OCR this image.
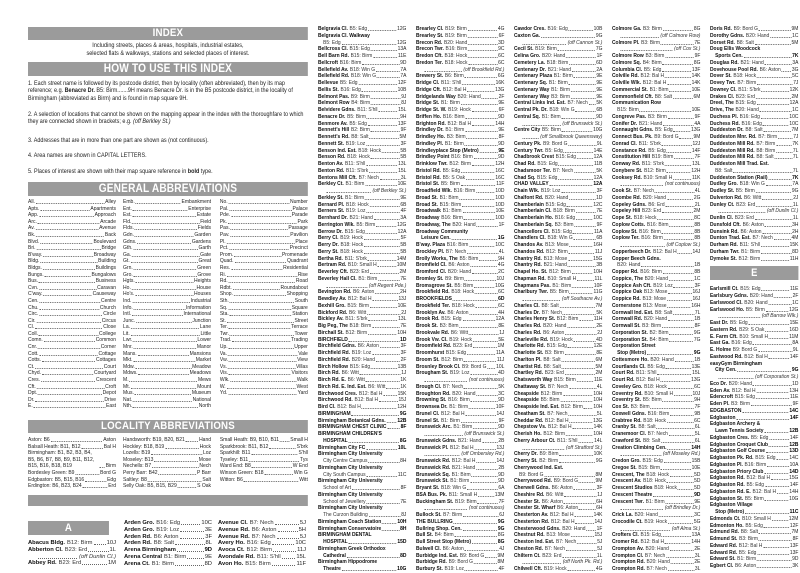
INDEX
Including streets, places & areas, hospitals, industrial estates,
selected flats & walkways, stations and selected places of interest.
HOW TO USE THIS INDEX
1. Each street name is followed by its postcode district, then by locality (often abbreviated), then by its map reference; e.g. Benacre Dr. B5: Birm.......9H means Benacre Dr. is in the B5 postcode district, in the locality of Birmingham (abbreviated as Birm) and is found in map square 9H.
2. A selection of locations that cannot be shown on the mapping appear in the index with the thoroughfare to which they are connected shown in brackets; e.g. (off Berkley St.)
3. Addresses that are in more than one part are shown as (not continuous).
4. Area names are shown in CAPITAL LETTERS.
5. Places of interest are shown with their map square reference in bold type.
GENERAL ABBREVIATIONS
All.	Alley
Apts.	Apartments
App.	Approach
Arc.	Arcade
Av.	Avenue
Bk.	Back
Blvd.	Boulevard
Bri.	Bridge
B'way.	Broadway
Bldg.	Building
Bldgs.	Buildings
Bungs.	Bungalows
Bus.	Business
Cvn.	Caravan
C'way.	Causeway
Cen.	Centre
Chu.	Church
Circ.	Circle
Cir.	Circus
Cl.	Close
Coll.	College
Comn.	Common
Cnr.	Corner
Cott.	Cottage
Cotts.	Cottages
Ct.	Court
Chyd.	Courtyard
Cres.	Crescent
Cft.	Croft
Dpt.	Depot
Dr.	Drive
E.	East
Emb.	Embankment
Ent.	Enterprise
Est.	Estate
Fld.	Field
Flds.	Fields
Gdn.	Garden
Gdns.	Gardens
Gth.	Garth
Ga.	Gate
Gt.	Great
Grn.	Green
Gro.	Grove
Hgts.	Heights
Ho.	House
Ho's.	Houses
Ind.	Industrial
Info.	Information
Intl.	International
Junc.	Junction
La.	Lane
Lit.	Little
Lwr.	Lower
Mnr.	Manor
Mans.	Mansions
Mkt.	Market
Mdw.	Meadow
Mdws.	Meadows
M.	Mews
Mt.	Mount
Mus.	Museum
Nat.	National
Nth.	North
No.	Number
Pal.	Palace
Pde.	Parade
Pk.	Park
Pas.	Passage
Pav.	Pavilion
Pl.	Place
Pct.	Precinct
Prom.	Promenade
Quad.	Quadrant
Res.	Residential
Ri.	Rise
Rd.	Road
Rdbt.	Roundabout
Shop.	Shopping
Sth.	South
Sq.	Square
Sta.	Station
St.	Street
Ter.	Terrace
Twr.	Tower
Trad.	Trading
Up.	Upper
Va.	Vale
Vw.	View
Vs.	Villas
Vis.	Visitors
Wlk.	Walk
W.	West
Yd.	Yard
LOCALITY ABBREVIATIONS
Aston: B6	Aston
Balsall Heath: B11, B12	Bal H
Birmingham: B1, B2, B3, B4, B5, B6, B7, B8, B9, B11, B12, B15, B16, B18, B19	Birm
Bordesley Green: B9	Bord G
Edgbaston: B5, B15, B16	Edg
Erdington: B6, B23, B24	Erd
Handsworth: B19, B20, B21 Hand
Hockley: B18, B19	Hock
Lozells: B19	Loz
Moseley: B13	Mose
Nechells: B7	Nech
Perry Barr: B42	P Barr
Saltley: B8	Salt
Selly Oak: B5, B15, B29	S Oak
Small Heath: B9, B10, B11 Small H
Sparkbrook: B11, B12	S'brk
Sparkhill: B11	S'hll
Tyseley: B11	Tys
Ward End: B8	W End
Winson Green: B18	Win G
Witton: B6	Witt
A
Abacus Bldg. B12: Birm 10J
Abberton Cl. B23: Erd	1L
(off Dunlin Cl.)
Abbey Rd. B23: Erd	1M
Arden Gro. B16: Edg	10C
Arden Gro. B19: Loz	3E
Arden Rd. B6: Aston	3F
Arden Rd. B8: Salt	8L
Arena Birmingham	9D
Arena Central B1: Birm	9E
Arena Ct. B1: Birm	8D
Avenue Cl. B7: Nech	5J
Avenue Rd. B6: Aston	5H
Avenue Rd. B7: Nech	5J
Avery Ho. B16: Edg	10C
Avoca Ct. B12: Birm	11J
Avondale Rd. B11: S'hll	15L
Avon Ho. B15: Birm	11F
Belgravia Cl. B5: Edg	12G
Belgravia Cl. Walkway
B5: Edg	12G
Bellcross Cl. B15: Edg	13A
Bell Barn Rd. B15: Birm	11E
Bellcroft B16: Birm	9D
Bellefield Av. B18: Win G	7A
Bellefield Rd. B18: Win G	7A
Bellevue B5: Edg	12F
Bellis St. B16: Edg	10B
Belmont Pas. B9: Birm	9J
Belmont Row B4: Birm	8J
Belvidere Gdns. B11: S'hll	15L
Benacre Dr. B5: Birm	9H
Benmore Av. B5: Edg	13F
Bennett's Hill B2: Birm	9F
Bennett's Rd. B8: Salt	5M
Bennett St. B19: Loz	3F
Benson Ind. Est. B18: Hock	5B
Benson Rd. B18: Hock	5B
Benton Av. B11: S'hll	13L
Benton Rd. B11: S'brk	15L
Bentons Mill Cft. B7: Nech	3L
Berkley Ct. B1: Birm	10E
(off Berkley St.)
Berkley St. B1: Birm	9E
Bernard Pl. B18: Hock	6B
Berners St. B19: Loz	4F
Bernhard Dr. B21: Hand	3A
Berrington Wlk. B5: Birm	12G
Berrow Dr. B15: Edg	12A
Berry Cl. B19: Hock	5F
Berry Dr. B18: Hock	5B
Berry St. B18: Hock	5B
Bertha Rd. B11: S'brk	14M
Bertram Rd. B10: Small H	10M
Beverley Cft. B23: Erd	2M
Beverley Hall Cl. B1: Birm	7E
(off Regent Pde.)
Bevington Rd. B6: Aston	2H
Bewdley Av. B12: Bal H	13J
Bexhill Gro. B15: Birm	10E
Bickford Rd. B6: Witt	2J
Bickley Av. B11: S'brk	13L
Big Peg, The B18: Birm	7E
Birchall St. B12: Birm	10H
BIRCHFIELD	1D
Birchfield Gdns. B6: Aston	3F
Birchfield Rd. B19: Loz	3F
Birchfield Rd. B20: Hand	2F
Birch Hollow B15: Edg	13B
Birch Rd. B6: Witt	1J
Birch Rd. E. B6: Witt	1K
Birch Rd. E. Ind. Est. B6: Witt	1K
Birchwood Cres. B12: Bal H	15K
Birchwood Rd. B12: Bal H	15J
Bird Cl. B12: Bal H	12H
BIRMINGHAM	9G
Birmingham Botanical Gdns. 12B
BIRMINGHAM CHEST CLINIC 8F
BIRMINGHAM CHILDREN'S
HOSPITAL	8G
Birmingham City FC	10L
Birmingham City University
City Centre Campus	8H
Birmingham City University
City South Campus	11C
Birmingham City University
School of Art	8F
Birmingham City University
School of Jewellery	7E
Birmingham City University
The Curzon Building	8J
Birmingham Coach Station	10H
Birmingham Conservatoire	8H
BIRMINGHAM DENTAL
HOSPITAL	15D
Birmingham Greek Orthodox
Cathedral	8D
Birmingham Hippodrome
Theatre	10G
Brearley Cl. B19: Birm	4G
Brearley St. B19: Birm	6F
Brecon Rd. B20: Hand	3D
Brecon Twr. B16: Birm	9C
Bredon Cft. B18: Hock	6C
Bredon Ter. B18: Hock	6C
(off Brookfield Rd.)
Brewery St. B6: Birm	6G
Bridge Cl. B11: S'hll	16K
Bridge Cft. B12: Bal H	13G
Bridgelands Way B20: Hand	2F
Bridge St. B1: Birm	9E
Bridge St. W. B19: Hock	6F
Briffen Ho. B16: Birm	9D
Brighton Rd. B12: Bal H	14H
Brindley Dr. B1: Birm	9E
Brindley Ho. B3: Birm	8F
Brindley Pl. B1: Birm	9D
Brindleyplace Stop (Metro)	9E
Brindley Point B16: Birm	9D
Brinklow Twr. B12: Birm	12H
Bristol Rd. B5: Edg	16C
Bristol Rd. B5: S Oak	16C
Bristol St. B5: Birm	11F
Broadfield Wlk. B16: Birm	10D
Broad St. B1: Birm	10D
Broad St. B15: Birm	10D
Broadwalk B1: Birm	10E
Broadway B16: Birm	10D
Broadway, The B20: Hand	1F
Broadway Community
Leisure Cen.	1G
B'way. Plaza B16: Birm	10C
Brockley Pl. B7: Nech	4L
Brolly Works, The B5: Birm	9H
Bromfield Cl. B6: Aston	4G
Bromford Cl. B20: Hand	2C
Bromley St. B9: Birm	10J
Bromsgrove St. B5: Birm	10G
Brookfield Rd. B18: Hock	6C
BROOKFIELDS	6D
Brookfield Ter. B18: Hock	6C
Brooklyn Av. B6: Aston	4H
Brook Rd. B15: Edg	12A
Brook St. B3: Birm	8E
Brookvale Rd. B6: Witt	1J
Brook Vw. Cl. B19: Hock	5E
Broomfield Rd. B23: Erd	1M
Broomhurst B15: Edg	11A
Broom St. B12: Birm	11J
Brosnley Brook Cl. B9: Bord G 10L
Brougham St. B19: Loz	4D
(not continuous)
Brough Cl. B7: Nech	5K
Broughton Rd. B20: Hand	3C
Browning St. B16: Birm	9D
Brownsea Dr. B1: Birm	10F
Brunel Cl. B12: Bal H	14J
Brunel St. B1: Birm	9F
Brunswick Arc. B1: Birm	9D
(off Brunswick St.)
Brunswick Gdns. B21: Hand	2B
Brunswick Pl. B12: Bal H	13J
(off Ombersley Rd.)
Brunswick Rd. B12: Bal H	14J
Brunswick Rd. B21: Hand	2B
Brunswick Sq. B1: Birm	9D
Brunswick St. B1: Birm	9D
Bryant St. B18: Win G	6A
BSA Bus. Pk. B11: Small H	13M
Buckingham St. B19: Birm	7F
(not continuous)
Bullock St. B7: Birm	6J
THE BULLRING	9G
Bullring Shop. Cen.	9G
Bull St. B4: Birm	8G
Bull Street Stop (Metro)	8G
Bulwell Cl. B6: Aston	4J
Burbidge Ind. Est. B9: Bord G 9M
Burbidge Rd. B9: Bord G	8M
Burbury St. B19: Loz	4F
Cawdor Cres. B16: Edg	10B
Caxton Ga.	9G
(off Cannon St.)
Cecil St. B19: Birm	7G
Celina Gro. B20: Hand	1F
Cemetery La. B18: Birm	6D
Centenary Dr. B21: Hand	2A
Centenary Plaza B1: Birm	9E
Centenary Sq. B1: Birm	9E
Centenary Way B1: Birm	9E
Centenary Way B3: Birm	9E
Central Links Ind. Est. B7: Nech 5K
Central Pk. Dr. B18: Win G	6B
Central Sq. B1: Birm	9D
(off Brunswick St.)
Centre City B5: Birm	10G
(off Smallbrook Queensway)
Century Pk. B9: Bord G	9L
Century Twr. B5: Edg	14E
Chadbrook Crest B15: Edg	12A
Chad Rd. B15: Edg	11B
Chadsmoor Ter. B7: Nech	5K
Chad Sq. B15: Edg	12A
CHAD VALLEY	12A
Chain Wlk. B19: Loz	3F
Chalfont Rd. B20: Hand	1D
Chamberlain B15: Edg	12C
Chamberlain Cl. B18: Birm	7E
Chamberlain Ho. B16: Edg	10C
Chamberlain Sq. B3: Birm	9F
Chancellors Cl. B15: Edg	11A
Chandlers Cl. B18: Win G	6B
Chandos Av. B13: Mose	16H
Chandos Rd. B12: Birm	11J
Chantry Rd. B13: Mose	15G
Chantry Rd. B21: Hand	3B
Chapel Ho. St. B12: Birm	10H
Chapman Rd. B10: Small H	11L
Chapmans Pas. B1: Birm	10F
Charlbury Twr. B5: Birm	11G
(off Southacre Av.)
Charles Cl. B8: Salt	7M
Charles Dr. B7: Nech	5K
Charles Henry St. B12: Birm	11H
Charles Rd. B20: Hand	2E
Charles Rd. B6: Aston	2J
Charleville Rd. B19: Hock	4D
Charlotte Rd. B15: Edg	12E
Charlotte St. B3: Birm	8E
Charlton Pl. B8: Salt	6M
Chartist Rd. B8: Salt	5M
Chartley Rd. B23: Erd	2M
Chatsworth Way B15: Birm	11E
Chattaway St. B7: Nech	4L
Cheapside B12: Birm	10H
Cheapside B5: Birm	10H
Cheapside Ind. Est. B12: Birm 10H
Cheatham St. B7: Nech	5L
Cheddar Rd. B12: Bal H	13G
Chepstow Vs. B12: Bal H	14K
Cherish Ho. B12: Birm	10H
Cherry Arbour Ct. B11: S'hll	14L
(off Stratford St.)
Cherry Dr. B9: Birm	10K
Cherry St. B2: Birm	9G
Cherrywood Ind. Est.
B9: Bord G	8M
Cherrywood Rd. B9: Bord G	9M
Cherwell Gdns. B6: Aston	3F
Cheshire Rd. B6: Witt	1J
Chester St. B6: Aston	6H
Chester St. Wharf B6: Aston	6H
Chesterton Av. B12: Bal H	14K
Chesterton Rd. B12: Bal H	14J
Chesterwood Gdns. B20: Hand 1F
Chestnut Rd. B13: Mose	15J
Cheston Ind. Est. B7: Nech	5J
Cheston Rd. B7: Nech	5J
Chiltern Ct. B23: Erd	1L
(off North Pk. Rd.)
Chilwell Cft. B19: Hock	4G
Colmore Ga. B3: Birm	8G
(off Colmore Row)
Colmore Pl. B3: Birm	7E
(off Cox St.)
Colmore Row B3: Birm	9F
Colmore Sq. B4: Birm	8G
Columbia Cl. B5: Edg	13F
Colville Rd. B12: Bal H	14K
Colville Wlk. B12: Bal H	14K
Commercial St. B1: Birm	10E
Commonfield Cft. B8: Salt	6M
Communication Row
B15: Birm	10E
Congreve Pas. B3: Birm	9F
Conifer Dr. B21: Hand	4A
Connaught Gdns. B5: Edg	13G
Connect Bus. Pk. B9: Bord G	9M
Conrad Cl. B11: S'brk	12J
Constance Rd. B5: Edg	14F
Constitution Hill B19: Birm	7F
Conway Rd. B11: S'brk	13L
Conybere St. B12: Birm	12H
Cooksey Rd. B10: Small H	11K
(not continuous)
Cook St. B7: Nech	4L
Coombe Rd. B20: Hand	2G
Copeley Gdns. B6: Erd	2L
Copeley Hill B23: Erd	2M
Cope St. B18: Hock	8C
Coplow Cotts. B16: Birm	8B
Coplow St. B16: Birm	8B
Coplow Ter. B16: Birm	8B
(off Coplow St.)
Copperbeech Dr. B12: Bal H	14J
Copper Beech Gdns.
B20: Hand	1B
Copper Rd. B16: Birm	8B
Coppice, The B20: Hand	1C
Coppice Ash Cft. B19: Loz	3F
Coppice Oak B13: Mose	16J
Coppice Rd. B13: Mose	16J
Cornerstone B13: Mose	16H
Cornwall Ind. Est. B8: Salt	7L
Cornwall Rd. B20: Hand	1B
Cornwall St. B3: Birm	8F
Corporation St. B2: Birm	9G
Corporation St. B4: Birm	7G
Corporation Street
Stop (Metro)	9G
Cottesmore Ho. B20: Hand	1B
Courtlands Cl. B5: Edg	13E
Court Rd. B11: S'hll	15L
Court Rd. B12: Bal H	13G
Coveley Gro. B18: Hock	6C
Coventry Rd. B10: Small H	10J
Coventry St. B5: Birm	9H
Cox St. B3: Birm	7F
Coxwell Gdns. B16: Birm	9B
Crabtree Rd. B18: Hock	6C
Cranby St. B8: Salt	6L
Cranemoor Cl. B7: Nech	5L
Crawford St. B8: Salt	6L
Creation Climbing Cen.	14H
(off Moseley Rd.)
Credon Gro. B15: Edg	15B
Cregoe St. B15: Birm	10E
Crescent, The B18: Hock	5D
Crescent Av. B18: Hock	5D
Crescent Studios B18: Hock	5D
Crescent Theatre	9D
Crescent Twr. B1: Birm	9E
(off Brindley Dr.)
Crick La. B20: Hand	3C
Crocodile Ct. B19: Hock	5G
(off Alma St.)
Crofters Cl. B15: Edg	13A
Cromer Rd. B12: Bal H	14H
Crompton Av. B20: Hand	2E
Crompton Cl. B7: Nech	3L
Crompton Rd. B20: Hand	2E
Crompton Rd. B7: Nech	3L
Doris Rd. B9: Bord G	9M
Dorothy Gdns. B20: Hand	1C
Dorset Rd. B8: Salt	5M
Doug Ellis Woodcock
Sports Cen.	7K
Douglas Rd. B21: Hand	3A
Dovehouse Pool Rd. B6: Aston 3G
Dover St. B18: Hock	5C
Dovey Twr. B7: Birm	7J
Downey Cl. B11: S'brk	12K
Drakes Cl. B23: Erd	2M
Dreel, The B15: Edg	12A
Drive, The B20: Hand	1C
Duchess Pl. B16: Edg	10C
Duchess Rd. B16: Edg	10C
Duddeston Dr. B8: Salt	7M
Duddeston Mnr. Rd. B7: Birm	7J
Duddeston Mill Rd. B7: Birm	7K
Duddeston Mill Rd. B8: Birm	7L
Duddeston Mill Rd. B8: Salt	7L
Duddeston Mill Trad. Est.
B8: Salt	7L
Duddeston Station (Rail)	7K
Dudley Gro. B18: Win G	7A
Dudley St. B5: Birm	9G
Dulverton Rd. B6: Witt	2J
Dunley Ct. B23: Erd	1L
(off Dunlin Cl.)
Dunlin Cl. B23: Erd	1L
Dunsfold Cft. B6: Aston	3H
Dunsink Rd. B6: Aston	2H
Dunton Trad. Est. B7: Nech	4M
Durham Rd. B11: S'hll	15K
Durham Twr. B1: Birm	8D
Dymoke St. B12: Birm	11H
E
Earlsmill Ct. B15: Edg	11E
Earlsbury Gdns. B20: Hand	2F
Earlswood Cl. B20: Hand	1C
Earlswood Ho. B5: Birm	12G
(off Barrow Wlk.)
East Dr. B5: Edg	15E
Eastern Rd. B29: S Oak	16D
E. Farm Cft. B10: Small H	11M
East Ga. B16: Edg	8A
E. Holme B9: Bord G	9L
Eastwood Rd. B12: Bal H	14F
easyGym Birmingham
City Cen.	9G
(off Corporation St.)
Eco Dr. B20: Hand	1D
Eden Av. B12: Bal H	13H
Edencroft B15: Edg	11E
Eden Pl. B3: Birm	9F
EDGBASTON	14C
Edgbaston	14F
Edgbaston Archery &
Lawn Tennis Society	12B
Edgbaston Cres. B5: Edg	14F
Edgbaston Croquet Club	12B
Edgbaston Golf Course	13D
Edgbaston Pk. Rd. B15: Edg 14C
Edgbaston Pl. B16: Birm	10A
Edgbaston Priory Club	14D
Edgbaston Rd. B12: Bal H	15G
Edgbaston Rd. B5: Edg	14F
Edgbaston Rd. E. B12: Bal H 14H
Edgbaston St. B5: Birm	10G
Edgbaston Village
Stop (Metro)	11C
Edmonds Ct. B10: Small H	12M
Edmonton Ho. B5: Edg	12F
Edmund Rd. B8: Salt	7M
Edmund St. B3: Birm	8F
Edward Rd. B12: Bal H	13F
Edward Rd. B5: Edg	13F
Edward St. B1: Birm	9D
Egbert Cl. B6: Aston	3K
